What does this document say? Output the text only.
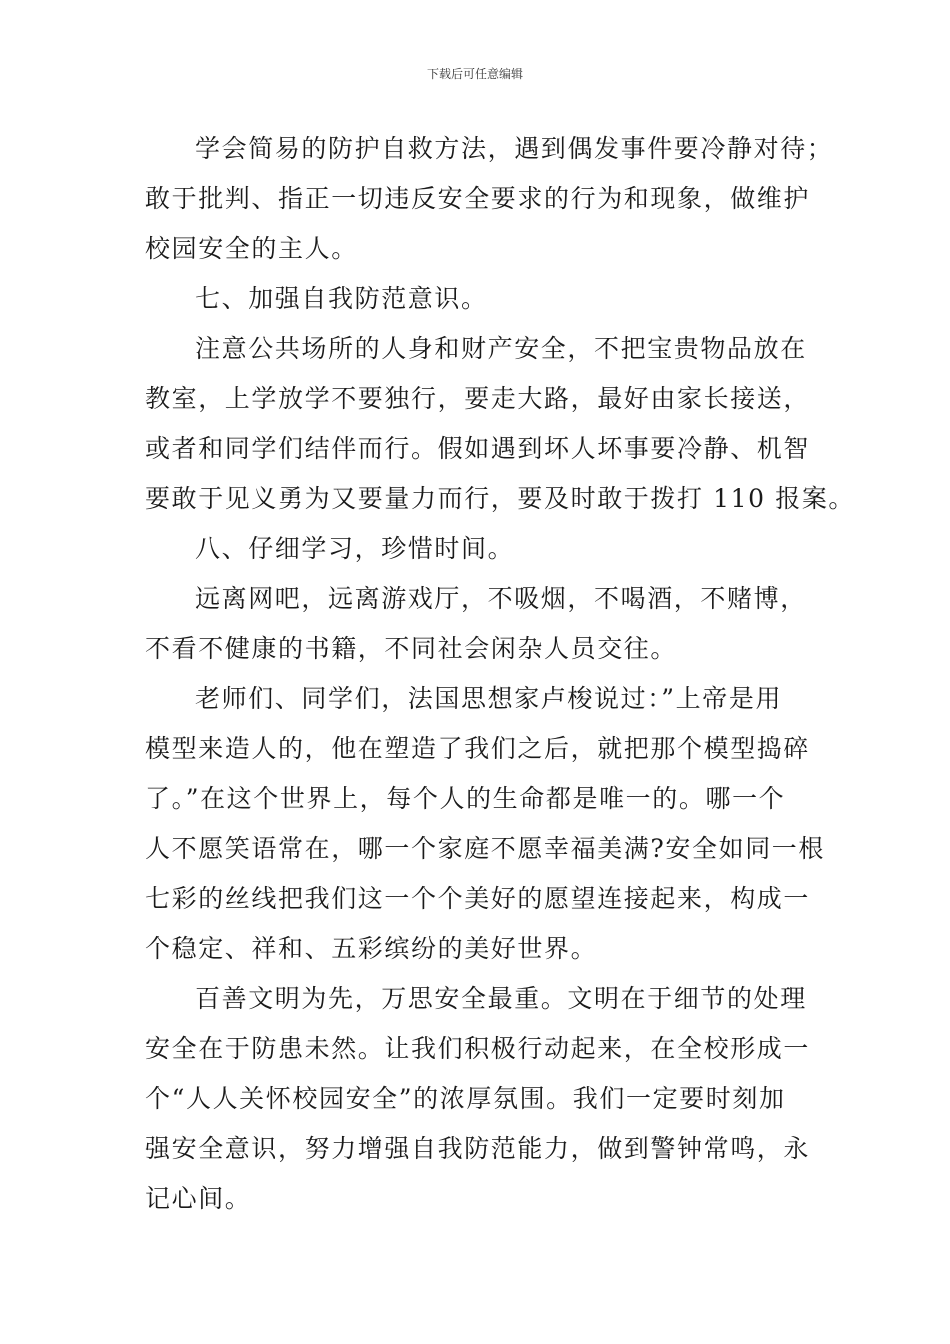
下载后可任意编辑
学会简易的防护自救方法，遇到偶发事件要冷静对待；
敢于批判、指正一切违反安全要求的行为和现象，做维护
校园安全的主人。
七、加强自我防范意识。
注意公共场所的人身和财产安全，不把宝贵物品放在
教室，上学放学不要独行，要走大路，最好由家长接送，
或者和同学们结伴而行。假如遇到坏人坏事要冷静、机智
要敢于见义勇为又要量力而行，要及时敢于拨打 110 报案。
八、仔细学习，珍惜时间。
远离网吧，远离游戏厅，不吸烟，不喝酒，不赌博，
不看不健康的书籍，不同社会闲杂人员交往。
老师们、同学们，法国思想家卢梭说过：”上帝是用
模型来造人的，他在塑造了我们之后，就把那个模型捣碎
了。”在这个世界上，每个人的生命都是唯一的。哪一个
人不愿笑语常在，哪一个家庭不愿幸福美满?安全如同一根
七彩的丝线把我们这一个个美好的愿望连接起来，构成一
个稳定、祥和、五彩缤纷的美好世界。
百善文明为先，万思安全最重。文明在于细节的处理
安全在于防患未然。让我们积极行动起来，在全校形成一
个“人人关怀校园安全”的浓厚氛围。我们一定要时刻加
强安全意识，努力增强自我防范能力，做到警钟常鸣，永
记心间。
